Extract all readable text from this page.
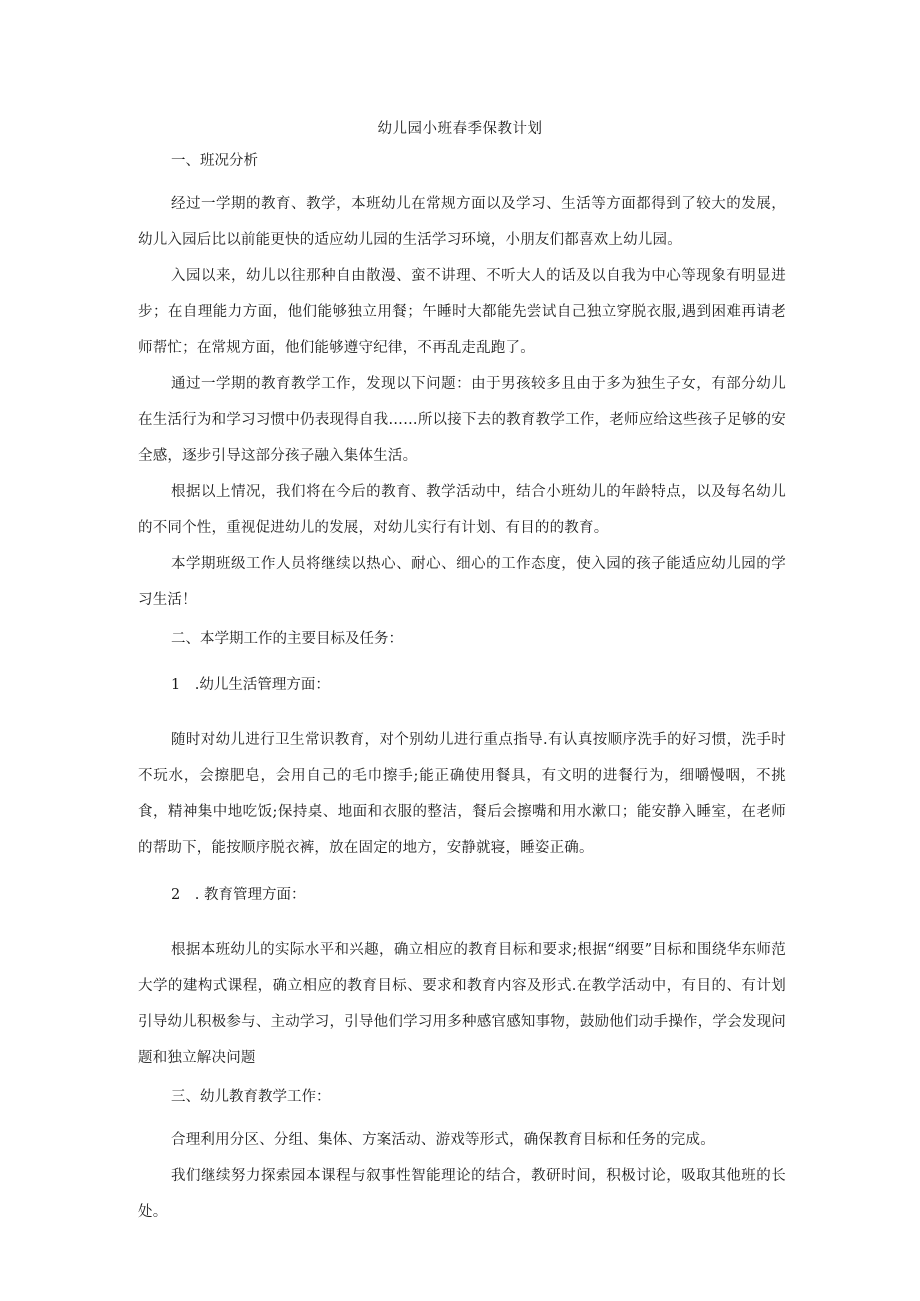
幼儿园小班春季保教计划
一、班况分析

经过一学期的教育、教学，本班幼儿在常规方面以及学习、生活等方面都得到了较大的发展，幼儿入园后比以前能更快的适应幼儿园的生活学习环境，小朋友们都喜欢上幼儿园。

入园以来，幼儿以往那种自由散漫、蛮不讲理、不听大人的话及以自我为中心等现象有明显进步；在自理能力方面，他们能够独立用餐；午睡时大都能先尝试自己独立穿脱衣服,遇到困难再请老师帮忙；在常规方面，他们能够遵守纪律，不再乱走乱跑了。

通过一学期的教育教学工作，发现以下问题：由于男孩较多且由于多为独生子女，有部分幼儿在生活行为和学习习惯中仍表现得自我……所以接下去的教育教学工作，老师应给这些孩子足够的安全感，逐步引导这部分孩子融入集体生活。

根据以上情况，我们将在今后的教育、教学活动中，结合小班幼儿的年龄特点，以及每名幼儿的不同个性，重视促进幼儿的发展，对幼儿实行有计划、有目的的教育。

本学期班级工作人员将继续以热心、耐心、细心的工作态度，使入园的孩子能适应幼儿园的学习生活！

二、本学期工作的主要目标及任务：
1　.幼儿生活管理方面：

随时对幼儿进行卫生常识教育，对个别幼儿进行重点指导.有认真按顺序洗手的好习惯，洗手时不玩水，会擦肥皂，会用自己的毛巾擦手;能正确使用餐具，有文明的进餐行为，细嚼慢咽，不挑食，精神集中地吃饭;保持桌、地面和衣服的整洁，餐后会擦嘴和用水漱口；能安静入睡室，在老师的帮助下，能按顺序脱衣裤，放在固定的地方，安静就寝，睡姿正确。

2　. 教育管理方面：

根据本班幼儿的实际水平和兴趣，确立相应的教育目标和要求;根据“纲要”目标和围绕华东师范大学的建构式课程，确立相应的教育目标、要求和教育内容及形式.在教学活动中，有目的、有计划引导幼儿积极参与、主动学习，引导他们学习用多种感官感知事物，鼓励他们动手操作，学会发现问题和独立解决问题

三、幼儿教育教学工作：

合理利用分区、分组、集体、方案活动、游戏等形式，确保教育目标和任务的完成。

我们继续努力探索园本课程与叙事性智能理论的结合，教研时间，积极讨论，吸取其他班的长处。
